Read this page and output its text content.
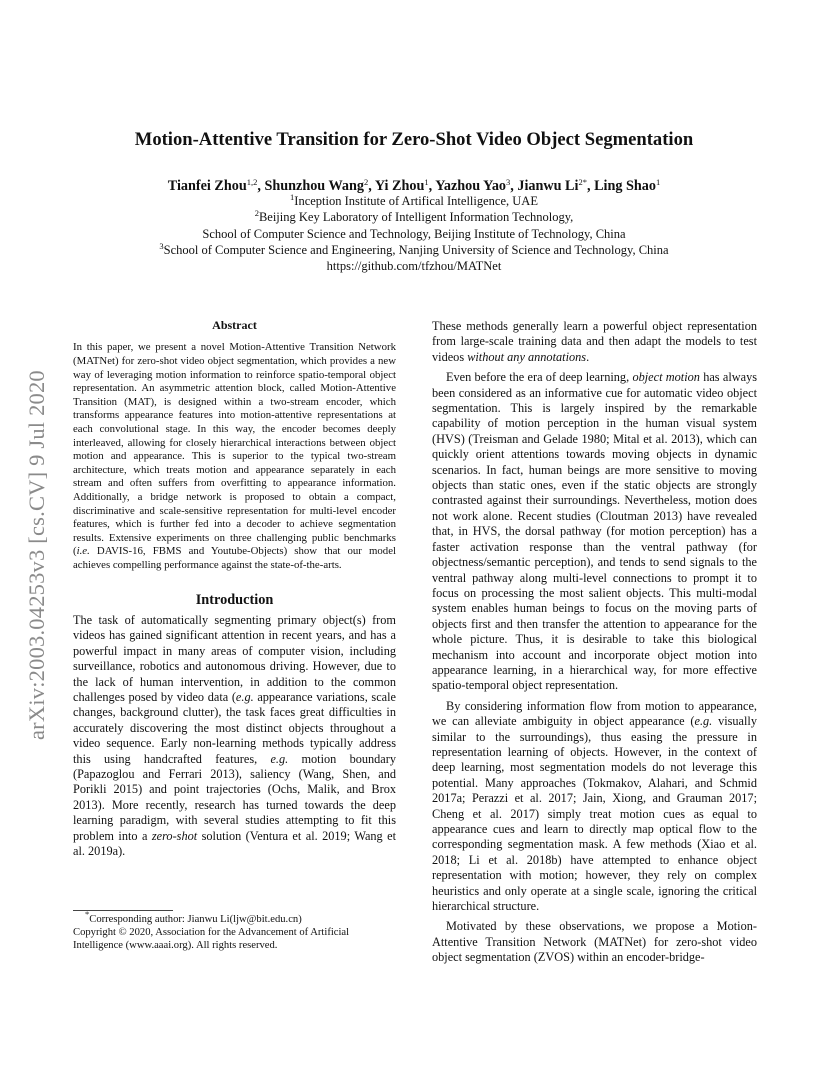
arXiv:2003.04253v3 [cs.CV] 9 Jul 2020
Motion-Attentive Transition for Zero-Shot Video Object Segmentation
Tianfei Zhou$^{1,2}$, Shunzhou Wang$^2$, Yi Zhou$^1$, Yazhou Yao$^3$, Jianwu $Li^{2*}$, Ling Shao$^1$
$^1$Inception Institute of Artifical Intelligence, UAE
$^2$Beijing Key Laboratory of Intelligent Information Technology,
School of Computer Science and Technology, Beijing Institute of Technology, China
$^3$School of Computer Science and Engineering, Nanjing University of Science and Technology, China
https://github.com/tfzhou/MATNet
Abstract

In this paper, we present a novel Motion-Attentive Transition Network (MATNet) for zero-shot video object segmentation, which provides a new way of leveraging motion information to reinforce spatio-temporal object representation. An asymmetric attention block, called Motion-Attentive Transition (MAT), is designed within a two-stream encoder, which transforms appearance features into motion-attentive representations at each convolutional stage. In this way, the encoder becomes deeply interleaved, allowing for closely hierarchical interactions between object motion and appearance. This is superior to the typical two-stream architecture, which treats motion and appearance separately in each stream and often suffers from overfitting to appearance information. Additionally, a bridge network is proposed to obtain a compact, discriminative and scale-sensitive representation for multi-level encoder features, which is further fed into a decoder to achieve segmentation results. Extensive experiments on three challenging public benchmarks (i.e. DAVIS-16, FBMS and Youtube-Objects) show that our model achieves compelling performance against the state-of-the-arts.

Introduction

The task of automatically segmenting primary object(s) from videos has gained significant attention in recent years, and has a powerful impact in many areas of computer vision, including surveillance, robotics and autonomous driving. However, due to the lack of human intervention, in addition to the common challenges posed by video data (e.g. appearance variations, scale changes, background clutter), the task faces great difficulties in accurately discovering the most distinct objects throughout a video sequence. Early non-learning methods typically address this using handcrafted features, e.g. motion boundary (Papazoglou and Ferrari 2013), saliency (Wang, Shen, and Porikli 2015) and point trajectories (Ochs, Malik, and Brox 2013). More recently, research has turned towards the deep learning paradigm, with several studies attempting to fit this problem into a zero-shot solution (Ventura et al. 2019; Wang et al. 2019a).

*Corresponding author: Jianwu Li(ljw@bit.edu.cn)

Copyright © 2020, Association for the Advancement of Artificial Intelligence (www.aaai.org). All rights reserved.

These methods generally learn a powerful object representation from large-scale training data and then adapt the models to test videos without any annotations.

Even before the era of deep learning, object motion has always been considered as an informative cue for automatic video object segmentation. This is largely inspired by the remarkable capability of motion perception in the human visual system (HVS) (Treisman and Gelade 1980; Mital et al. 2013), which can quickly orient attentions towards moving objects in dynamic scenarios. In fact, human beings are more sensitive to moving objects than static ones, even if the static objects are strongly contrasted against their surroundings. Nevertheless, motion does not work alone. Recent studies (Cloutman 2013) have revealed that, in HVS, the dorsal pathway (for motion perception) has a faster activation response than the ventral pathway (for objectness/semantic perception), and tends to send signals to the ventral pathway along multi-level connections to prompt it to focus on processing the most salient objects. This multi-modal system enables human beings to focus on the moving parts of objects first and then transfer the attention to appearance for the whole picture. Thus, it is desirable to take this biological mechanism into account and incorporate object motion into appearance learning, in a hierarchical way, for more effective spatio-temporal object representation.

By considering information flow from motion to appearance, we can alleviate ambiguity in object appearance (e.g. visually similar to the surroundings), thus easing the pressure in representation learning of objects. However, in the context of deep learning, most segmentation models do not leverage this potential. Many approaches (Tokmakov, Alahari, and Schmid 2017a; Perazzi et al. 2017; Jain, Xiong, and Grauman 2017; Cheng et al. 2017) simply treat motion cues as equal to appearance cues and learn to directly map optical flow to the corresponding segmentation mask. A few methods (Xiao et al. 2018; Li et al. 2018b) have attempted to enhance object representation with motion; however, they rely on complex heuristics and only operate at a single scale, ignoring the critical hierarchical structure.

Motivated by these observations, we propose a Motion-Attentive Transition Network (MATNet) for zero-shot video object segmentation (ZVOS) within an encoder-bridge-
